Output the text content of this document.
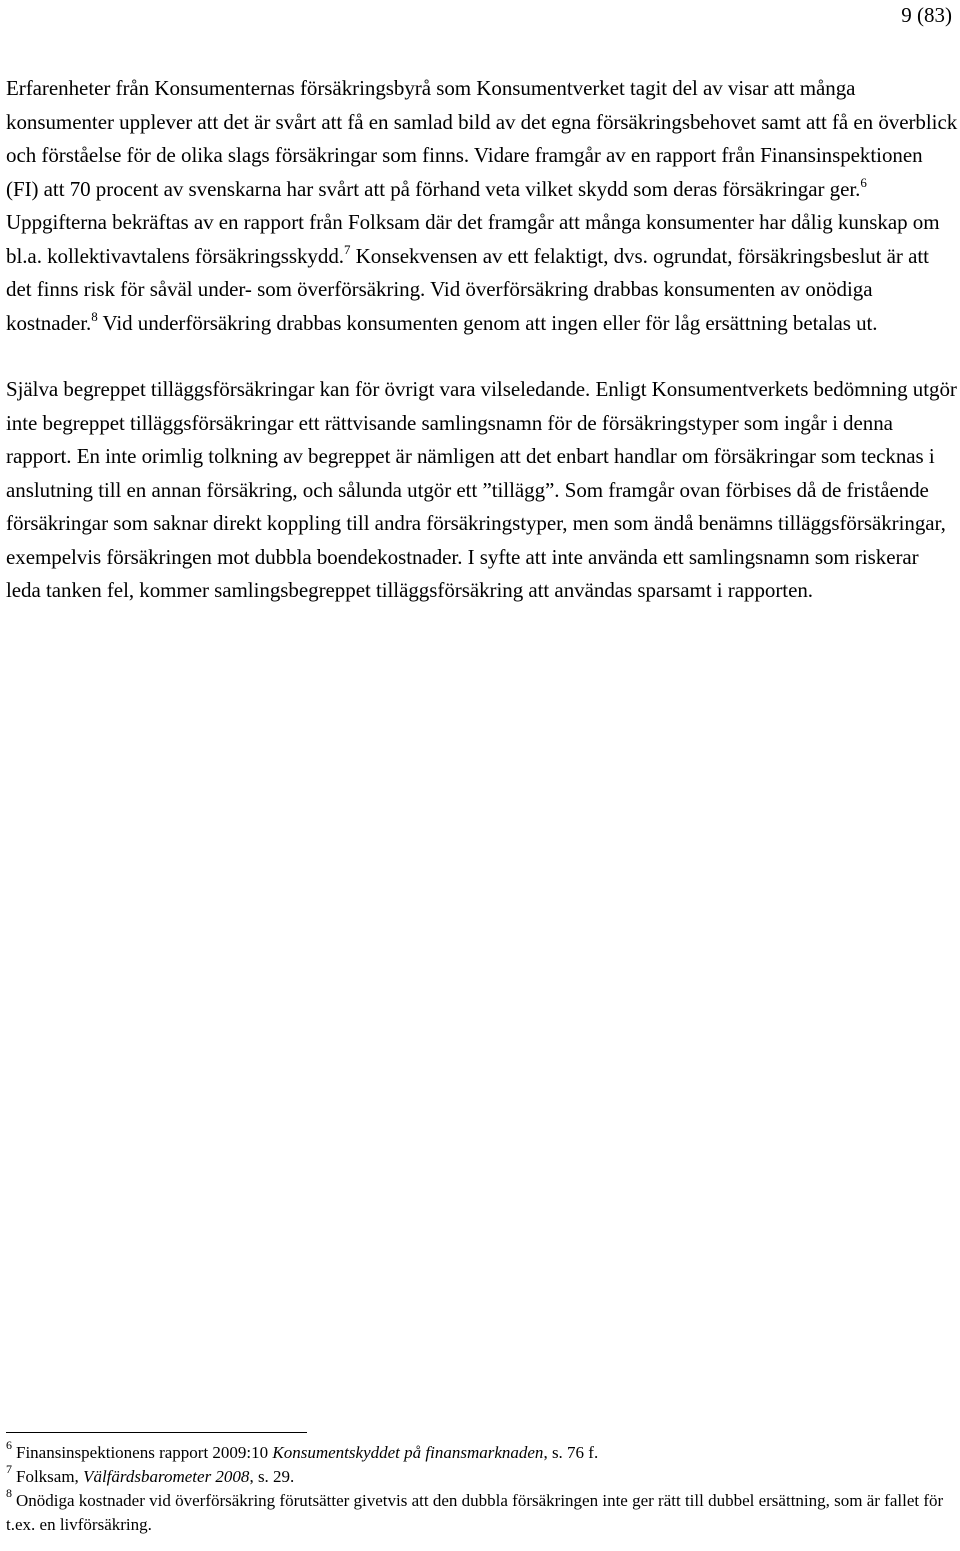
9 (83)

Erfarenheter från Konsumenternas försäkringsbyrå som Konsumentverket tagit del av visar att många konsumenter upplever att det är svårt att få en samlad bild av det egna försäkringsbehovet samt att få en överblick och förståelse för de olika slags försäkringar som finns. Vidare framgår av en rapport från Finansinspektionen (FI) att 70 procent av svenskarna har svårt att på förhand veta vilket skydd som deras försäkringar ger.$^6$ Uppgifterna bekräftas av en rapport från Folksam där det framgår att många konsumenter har dålig kunskap om bl.a. kollektivavtalens försäkringsskydd.$^7$ Konsekvensen av ett felaktigt, dvs. ogrundat, försäkringsbeslut är att det finns risk för såväl under- som överförsäkring. Vid överförsäkring drabbas konsumenten av onödiga kostnader.$^8$ Vid underförsäkring drabbas konsumenten genom att ingen eller för låg ersättning betalas ut.

Själva begreppet tilläggsförsäkringar kan för övrigt vara vilseledande. Enligt Konsumentverkets bedömning utgör inte begreppet tilläggsförsäkringar ett rättvisande samlingsnamn för de försäkringstyper som ingår i denna rapport. En inte orimlig tolkning av begreppet är nämligen att det enbart handlar om försäkringar som tecknas i anslutning till en annan försäkring, och sålunda utgör ett ”tillägg”. Som framgår ovan förbises då de fristående försäkringar som saknar direkt koppling till andra försäkringstyper, men som ändå benämns tilläggsförsäkringar, exempelvis försäkringen mot dubbla boendekostnader. I syfte att inte använda ett samlingsnamn som riskerar leda tanken fel, kommer samlingsbegreppet tilläggsförsäkring att användas sparsamt i rapporten.

$^6$ Finansinspektionens rapport 2009:10 Konsumentskyddet på finansmarknaden, s. 76 f.

$^7$ Folksam, Välfärdsbarometer 2008, s. 29.

$^8$ Onödiga kostnader vid överförsäkring förutsätter givetvis att den dubbla försäkringen inte ger rätt till dubbel ersättning, som är fallet för t.ex. en livförsäkring.
